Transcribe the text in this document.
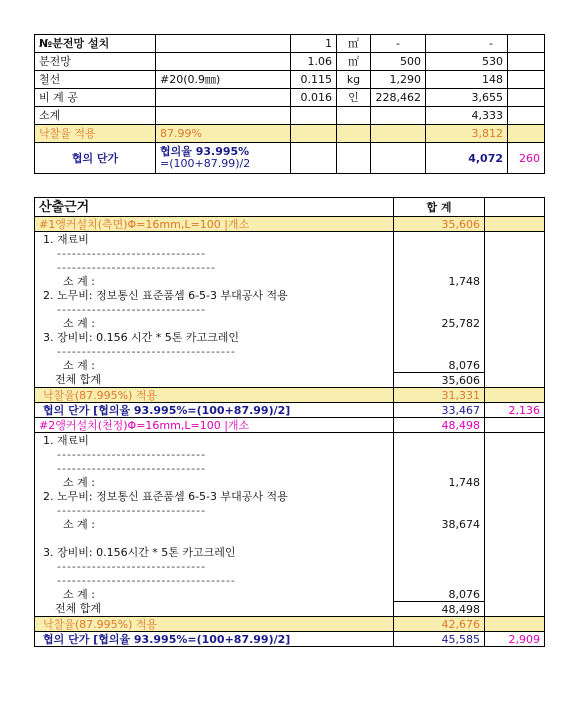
№분전망 설치		1	㎡	-	-	
분전망		1.06	㎡	500	530	
철선	#20(0.9㎜)	0.115	kg	1,290	148	
비 계 공		0.016	인	228,462	3,655	
소계					4,333	
낙찰율 적용	87.99%				3,812	
협의 단가	협의율 93.995%
=(100+87.99)/2				4,072	260
산출근거	합 계	
#1앵커설치(측면)Φ=16mm,L=100 |개소	35,606	
1. 재료비		
------------------------------		
--------------------------------		
소 계 :	1,748	
2. 노무비: 정보통신 표준품셈 6-5-3 부대공사 적용		
------------------------------		
소 계 :	25,782	
3. 장비비: 0.156 시간 * 5톤 카고크레인		
------------------------------------		
소 계 :	8,076	
전체 합계	35,606	
낙찰율(87.995%) 적용	31,331	
협의 단가 [협의율 93.995%=(100+87.99)/2]	33,467	2,136
#2앵커설치(천정)Φ=16mm,L=100 |개소	48,498	
1. 재료비		
------------------------------		
------------------------------		
소 계 :	1,748	
2. 노무비: 정보통신 표준품셈 6-5-3 부대공사 적용		
------------------------------		
소 계 :	38,674	

3. 장비비: 0.156시간 * 5톤 카고크레인		
------------------------------		
------------------------------------		
소 계 :	8,076	
전체 합계	48,498	
낙찰율(87.995%) 적용	42,676	
협의 단가 [협의율 93.995%=(100+87.99)/2]	45,585	2,909
